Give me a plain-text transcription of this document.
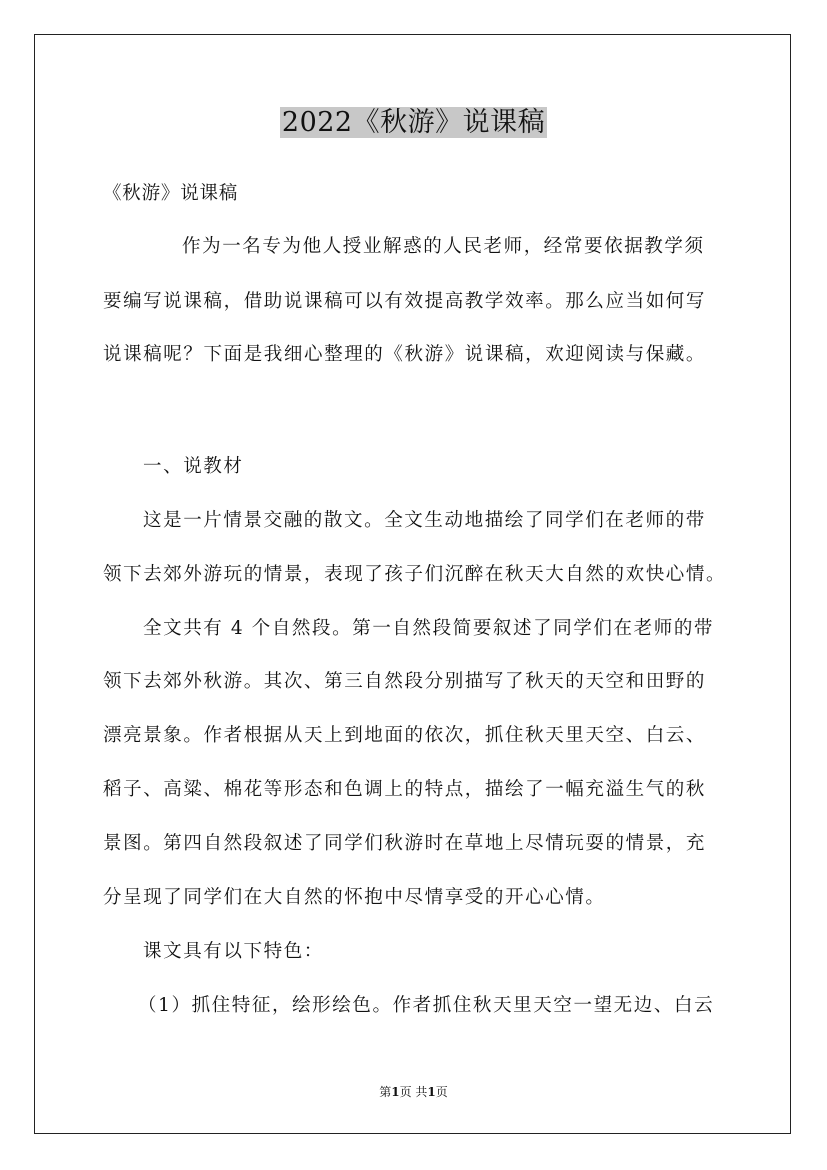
2022《秋游》说课稿
《秋游》说课稿
作为一名专为他人授业解惑的人民老师，经常要依据教学须
要编写说课稿，借助说课稿可以有效提高教学效率。那么应当如何写
说课稿呢？下面是我细心整理的《秋游》说课稿，欢迎阅读与保藏。
一、说教材
这是一片情景交融的散文。全文生动地描绘了同学们在老师的带
领下去郊外游玩的情景，表现了孩子们沉醉在秋天大自然的欢快心情。
全文共有 4 个自然段。第一自然段简要叙述了同学们在老师的带
领下去郊外秋游。其次、第三自然段分别描写了秋天的天空和田野的
漂亮景象。作者根据从天上到地面的依次，抓住秋天里天空、白云、
稻子、高粱、棉花等形态和色调上的特点，描绘了一幅充溢生气的秋
景图。第四自然段叙述了同学们秋游时在草地上尽情玩耍的情景，充
分呈现了同学们在大自然的怀抱中尽情享受的开心心情。
课文具有以下特色：
（1）抓住特征，绘形绘色。作者抓住秋天里天空一望无边、白云
第1页 共1页
